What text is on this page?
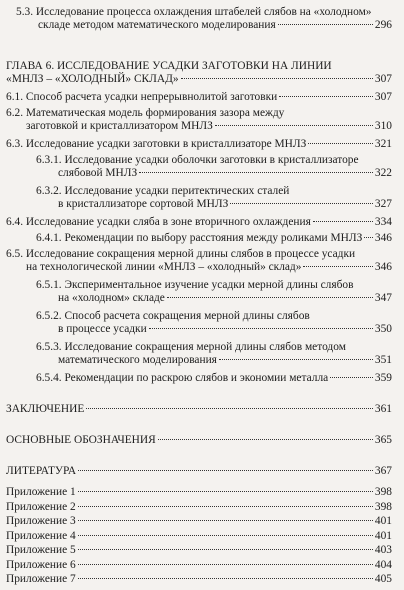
5.3. Исследование процесса охлаждения штабелей слябов на «холодном»
складе методом математического моделирования	296
ГЛАВА 6. ИССЛЕДОВАНИЕ УСАДКИ ЗАГОТОВКИ НА ЛИНИИ
«МНЛЗ – «ХОЛОДНЫЙ» СКЛАД»	307
6.1. Способ расчета усадки непрерывнолитой заготовки	307
6.2. Математическая модель формирования зазора между
заготовкой и кристаллизатором МНЛЗ	310
6.3. Исследование усадки заготовки в кристаллизаторе МНЛЗ	321
6.3.1. Исследование усадки оболочки заготовки в кристаллизаторе
слябовой МНЛЗ	322
6.3.2. Исследование усадки перитектических сталей
в кристаллизаторе сортовой МНЛЗ	327
6.4. Исследование усадки сляба в зоне вторичного охлаждения	334
6.4.1. Рекомендации по выбору расстояния между роликами МНЛЗ 346
6.5. Исследование сокращения мерной длины слябов в процессе усадки
на технологической линии «МНЛЗ – «холодный» склад»	346
6.5.1. Экспериментальное изучение усадки мерной длины слябов
на «холодном» складе	347
6.5.2. Способ расчета сокращения мерной длины слябов
в процессе усадки	350
6.5.3. Исследование сокращения мерной длины слябов методом
математического моделирования	351
6.5.4. Рекомендации по раскрою слябов и экономии металла	359
ЗАКЛЮЧЕНИЕ	361
ОСНОВНЫЕ ОБОЗНАЧЕНИЯ	365
ЛИТЕРАТУРА	367
Приложение 1	398
Приложение 2	398
Приложение 3	401
Приложение 4	401
Приложение 5	403
Приложение 6	404
Приложение 7	405
